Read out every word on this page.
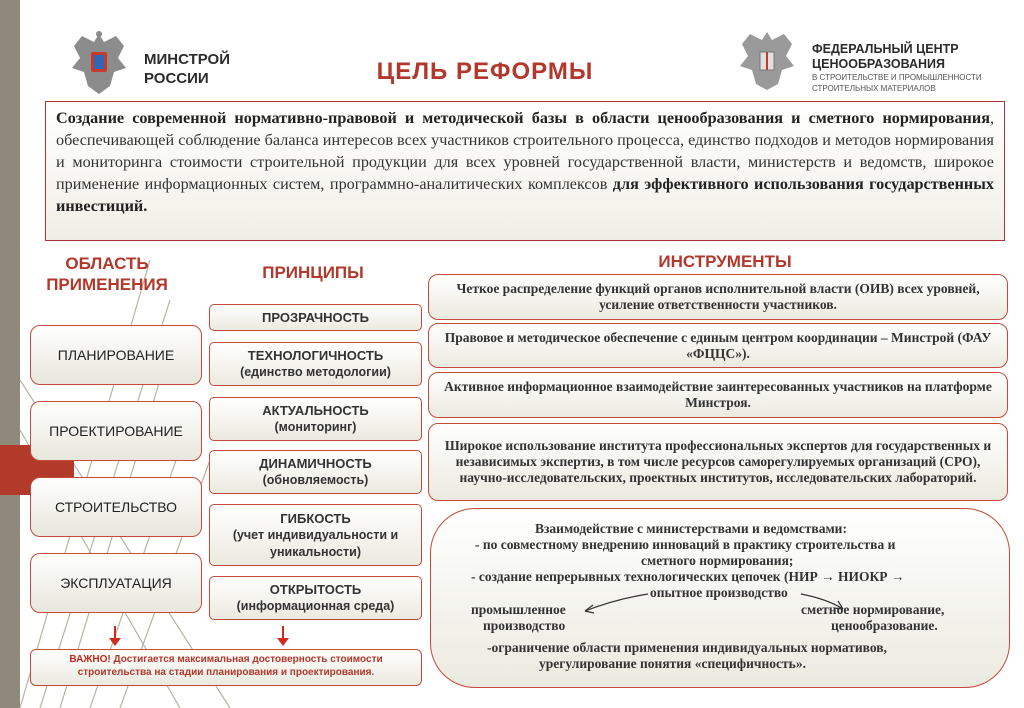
МИНСТРОЙ
РОССИИ
ФЕДЕРАЛЬНЫЙ ЦЕНТР
ЦЕНООБРАЗОВАНИЯ
В СТРОИТЕЛЬСТВЕ И ПРОМЫШЛЕННОСТИ
СТРОИТЕЛЬНЫХ МАТЕРИАЛОВ
ЦЕЛЬ РЕФОРМЫ
Создание современной нормативно-правовой и методической базы в области ценообразования и сметного нормирования, обеспечивающей соблюдение баланса интересов всех участников строительного процесса, единство подходов и методов нормирования и мониторинга стоимости строительной продукции для всех уровней государственной власти, министерств и ведомств, широкое применение информационных систем, программно-аналитических комплексов для эффективного использования государственных инвестиций.
ОБЛАСТЬ
ПРИМЕНЕНИЯ
ПРИНЦИПЫ
ИНСТРУМЕНТЫ
ПЛАНИРОВАНИЕ
ПРОЕКТИРОВАНИЕ
СТРОИТЕЛЬСТВО
ЭКСПЛУАТАЦИЯ
ПРОЗРАЧНОСТЬ
ТЕХНОЛОГИЧНОСТЬ
(единство методологии)
АКТУАЛЬНОСТЬ
(мониторинг)
ДИНАМИЧНОСТЬ
(обновляемость)
ГИБКОСТЬ
(учет индивидуальности и уникальности)
ОТКРЫТОСТЬ
(информационная среда)
Четкое распределение функций органов исполнительной власти (ОИВ) всех уровней, усиление ответственности участников.
Правовое и методическое обеспечение с единым центром координации – Минстрой (ФАУ «ФЦЦС»).
Активное информационное взаимодействие заинтересованных участников на платформе Минстроя.
Широкое использование института профессиональных экспертов для государственных и независимых экспертиз, в том числе ресурсов саморегулируемых организаций (СРО), научно-исследовательских, проектных институтов, исследовательских лабораторий.
Взаимодействие с министерствами и ведомствами:
- по совместному внедрению инноваций в практику строительства и
сметного нормирования;
- создание непрерывных технологических цепочек (НИР → НИОКР →
опытное производство
промышленное	сметное нормирование,
производство	ценообразование.
-ограничение области применения индивидуальных нормативов,
урегулирование понятия «специфичность».
ВАЖНО! Достигается максимальная достоверность стоимости строительства на стадии планирования и проектирования.
